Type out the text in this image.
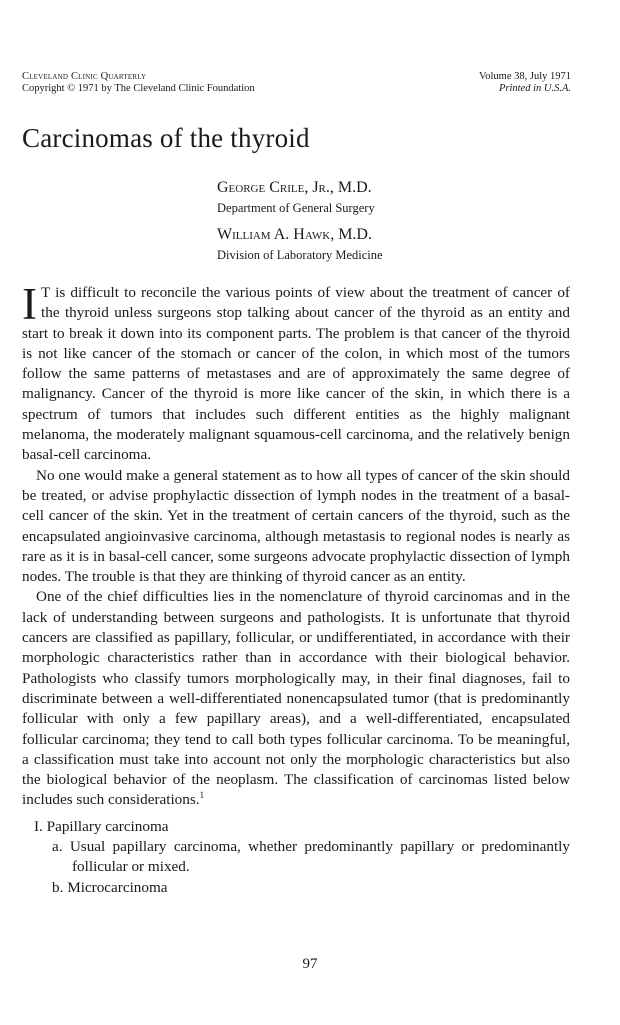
Cleveland Clinic Quarterly
Copyright © 1971 by The Cleveland Clinic Foundation
Volume 38, July 1971
Printed in U.S.A.
Carcinomas of the thyroid
George Crile, Jr., M.D.
Department of General Surgery
William A. Hawk, M.D.
Division of Laboratory Medicine

I T is difficult to reconcile the various points of view about the treatment of cancer of the thyroid unless surgeons stop talking about cancer of the thyroid as an entity and start to break it down into its component parts. The problem is that cancer of the thyroid is not like cancer of the stomach or cancer of the colon, in which most of the tumors follow the same patterns of metastases and are of approximately the same degree of malignancy. Cancer of the thyroid is more like cancer of the skin, in which there is a spectrum of tumors that includes such different entities as the highly malignant melanoma, the moderately malignant squamous-cell carcinoma, and the relatively benign basal-cell carcinoma.

No one would make a general statement as to how all types of cancer of the skin should be treated, or advise prophylactic dissection of lymph nodes in the treatment of a basal-cell cancer of the skin. Yet in the treatment of certain cancers of the thyroid, such as the encapsulated angioinvasive carcinoma, although metastasis to regional nodes is nearly as rare as it is in basal-cell cancer, some surgeons advocate prophylactic dissection of lymph nodes. The trouble is that they are thinking of thyroid cancer as an entity.

One of the chief difficulties lies in the nomenclature of thyroid carcinomas and in the lack of understanding between surgeons and pathologists. It is unfortunate that thyroid cancers are classified as papillary, follicular, or undifferentiated, in accordance with their morphologic characteristics rather than in accordance with their biological behavior. Pathologists who classify tumors morphologically may, in their final diagnoses, fail to discriminate between a well-differentiated nonencapsulated tumor (that is predominantly follicular with only a few papillary areas), and a well-differentiated, encapsulated follicular carcinoma; they tend to call both types follicular carcinoma. To be meaningful, a classification must take into account not only the morphologic characteristics but also the biological behavior of the neoplasm. The classification of carcinomas listed below includes such considerations.$^1$

I. Papillary carcinoma
a. Usual papillary carcinoma, whether predominantly papillary or predominantly follicular or mixed.
b. Microcarcinoma
97
